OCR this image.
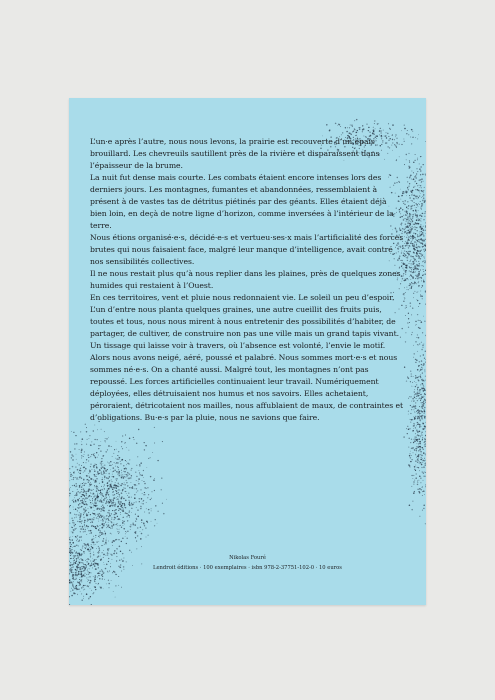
L’un·e après l’autre, nous nous levons, la prairie est recouverte d’un épais brouillard. Les chevreuils sautillent près de la rivière et disparaissent dans l’épaisseur de la brume.

La nuit fut dense mais courte. Les combats étaient encore intenses lors des derniers jours. Les montagnes, fumantes et abandonnées, ressemblaient à présent à de vastes tas de détritus piétinés par des géants. Elles étaient déjà bien loin, en deçà de notre ligne d’horizon, comme inversées à l’intérieur de la terre.

Nous étions organisé·e·s, décidé·e·s et vertueu·ses·x mais l’artificialité des forces brutes qui nous faisaient face, malgré leur manque d’intelligence, avait contré nos sensibilités collectives.

Il ne nous restait plus qu’à nous replier dans les plaines, près de quelques zones humides qui restaient à l’Ouest.

En ces territoires, vent et pluie nous redonnaient vie. Le soleil un peu d’espoir. L’un d’entre nous planta quelques graines, une autre cueillit des fruits puis, toutes et tous, nous nous mirent à nous entretenir des possibilités d’habiter, de partager, de cultiver, de construire non pas une ville mais un grand tapis vivant. Un tissage qui laisse voir à travers, où l’absence est volonté, l’envie le motif. Alors nous avons neigé, aéré, poussé et palabré. Nous sommes mort·e·s et nous sommes né·e·s. On a chanté aussi. Malgré tout, les montagnes n’ont pas repoussé. Les forces artificielles continuaient leur travail. Numériquement déployées, elles détruisaient nos humus et nos savoirs. Elles achetaient, péroraient, détricotaient nos mailles, nous affublaient de maux, de contraintes et d’obligations. Bu·e·s par la pluie, nous ne savions que faire.

Nikolas Fouré
Lendroit éditions · 100 exemplaires · isbn 978-2-37751-102-0 · 10 euros
